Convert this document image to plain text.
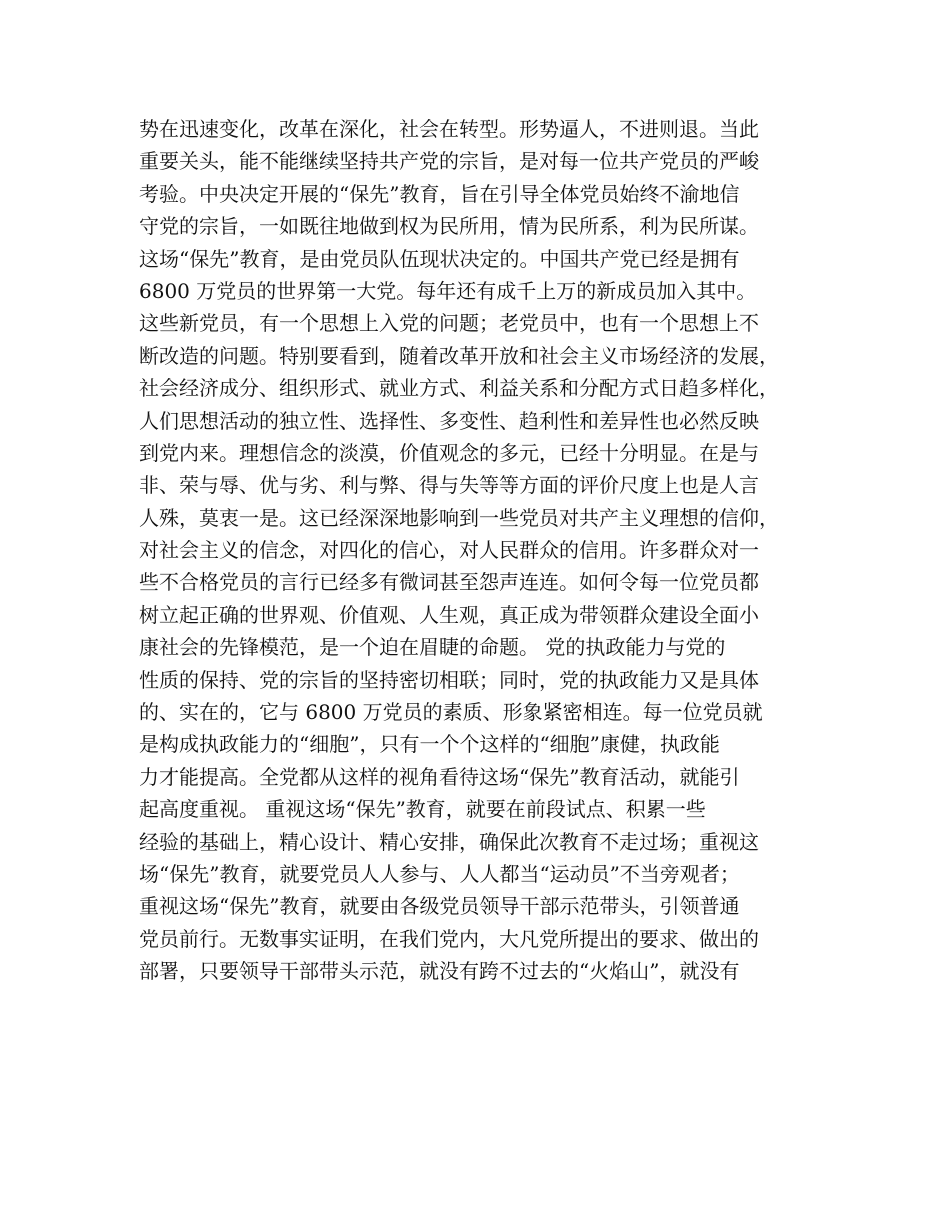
势在迅速变化，改革在深化，社会在转型。形势逼人，不进则退。当此
重要关头，能不能继续坚持共产党的宗旨，是对每一位共产党员的严峻
考验。中央决定开展的“保先”教育，旨在引导全体党员始终不渝地信
守党的宗旨，一如既往地做到权为民所用，情为民所系，利为民所谋。
这场“保先”教育，是由党员队伍现状决定的。中国共产党已经是拥有
6800 万党员的世界第一大党。每年还有成千上万的新成员加入其中。
这些新党员，有一个思想上入党的问题；老党员中，也有一个思想上不
断改造的问题。特别要看到，随着改革开放和社会主义市场经济的发展，
社会经济成分、组织形式、就业方式、利益关系和分配方式日趋多样化，
人们思想活动的独立性、选择性、多变性、趋利性和差异性也必然反映
到党内来。理想信念的淡漠，价值观念的多元，已经十分明显。在是与
非、荣与辱、优与劣、利与弊、得与失等等方面的评价尺度上也是人言
人殊，莫衷一是。这已经深深地影响到一些党员对共产主义理想的信仰，
对社会主义的信念，对四化的信心，对人民群众的信用。许多群众对一
些不合格党员的言行已经多有微词甚至怨声连连。如何令每一位党员都
树立起正确的世界观、价值观、人生观，真正成为带领群众建设全面小
康社会的先锋模范，是一个迫在眉睫的命题。 党的执政能力与党的
性质的保持、党的宗旨的坚持密切相联；同时，党的执政能力又是具体
的、实在的，它与 6800 万党员的素质、形象紧密相连。每一位党员就
是构成执政能力的“细胞”，只有一个个这样的“细胞”康健，执政能
力才能提高。全党都从这样的视角看待这场“保先”教育活动，就能引
起高度重视。 重视这场“保先”教育，就要在前段试点、积累一些
经验的基础上，精心设计、精心安排，确保此次教育不走过场；重视这
场“保先”教育，就要党员人人参与、人人都当“运动员”不当旁观者；
重视这场“保先”教育，就要由各级党员领导干部示范带头，引领普通
党员前行。无数事实证明，在我们党内，大凡党所提出的要求、做出的
部署，只要领导干部带头示范，就没有跨不过去的“火焰山”，就没有
